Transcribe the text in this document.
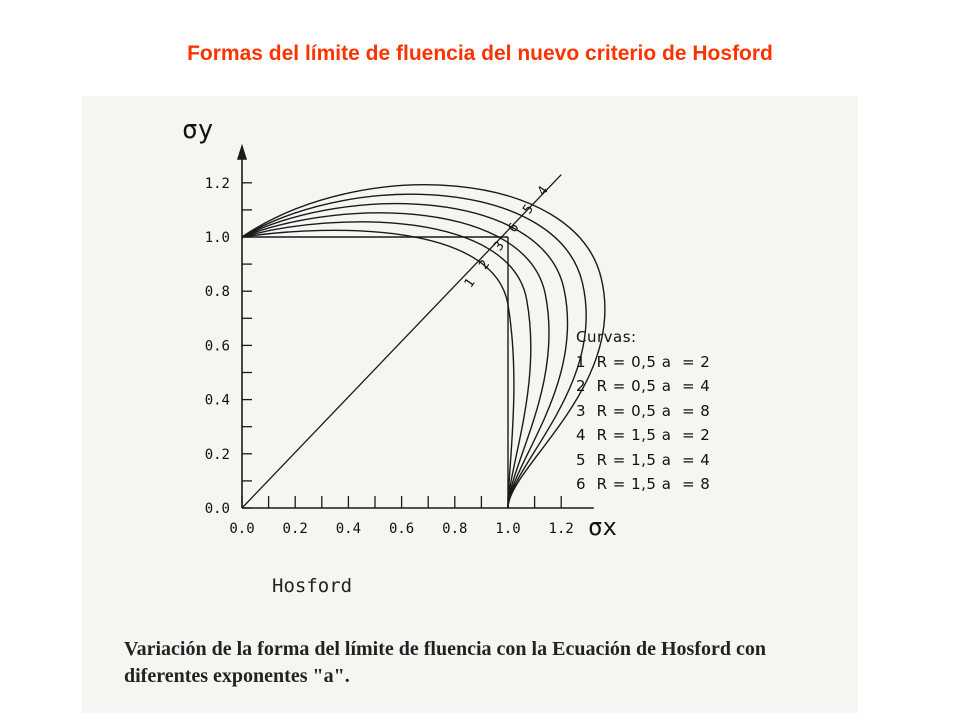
Formas del límite de fluencia del nuevo criterio de Hosford
0.0 0.2 0.4 0.6 0.8 1.0 1.2
0.0
0.2
0.4
0.6
0.8
1.0
1.2
σy
σx
1
2
3
6
5
4
Curvas:
1  R = 0,5 a  = 2
2  R = 0,5 a  = 4
3  R = 0,5 a  = 8
4  R = 1,5 a  = 2
5  R = 1,5 a  = 4
6  R = 1,5 a  = 8
Hosford
Variación de la forma del límite de fluencia con la Ecuación de Hosford con diferentes exponentes "a".
